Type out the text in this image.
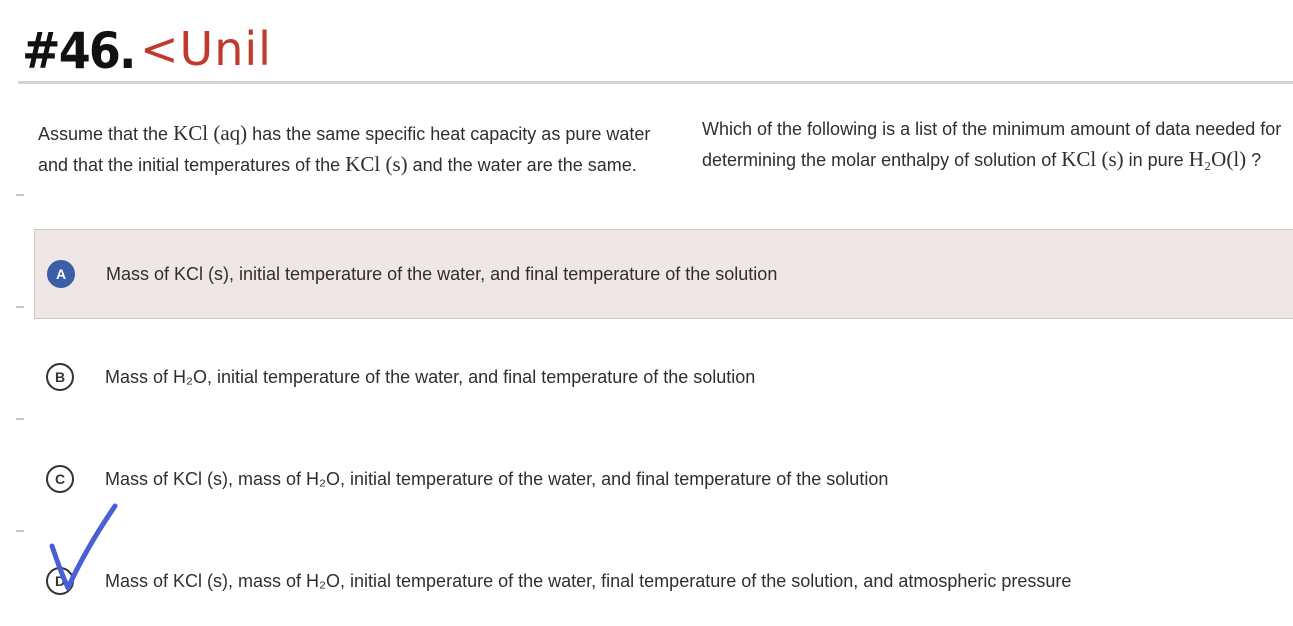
#46. <Unil
Assume that the KCl (aq) has the same specific heat capacity as pure water and that the initial temperatures of the KCl (s) and the water are the same.
Which of the following is a list of the minimum amount of data needed for
determining the molar enthalpy of solution of KCl (s) in pure H₂O(l) ?
A	Mass of KCl (s), initial temperature of the water, and final temperature of the solution
B	Mass of H₂O, initial temperature of the water, and final temperature of the solution
C	Mass of KCl (s), mass of H₂O, initial temperature of the water, and final temperature of the solution
D	Mass of KCl (s), mass of H₂O, initial temperature of the water, final temperature of the solution, and atmospheric pressure
